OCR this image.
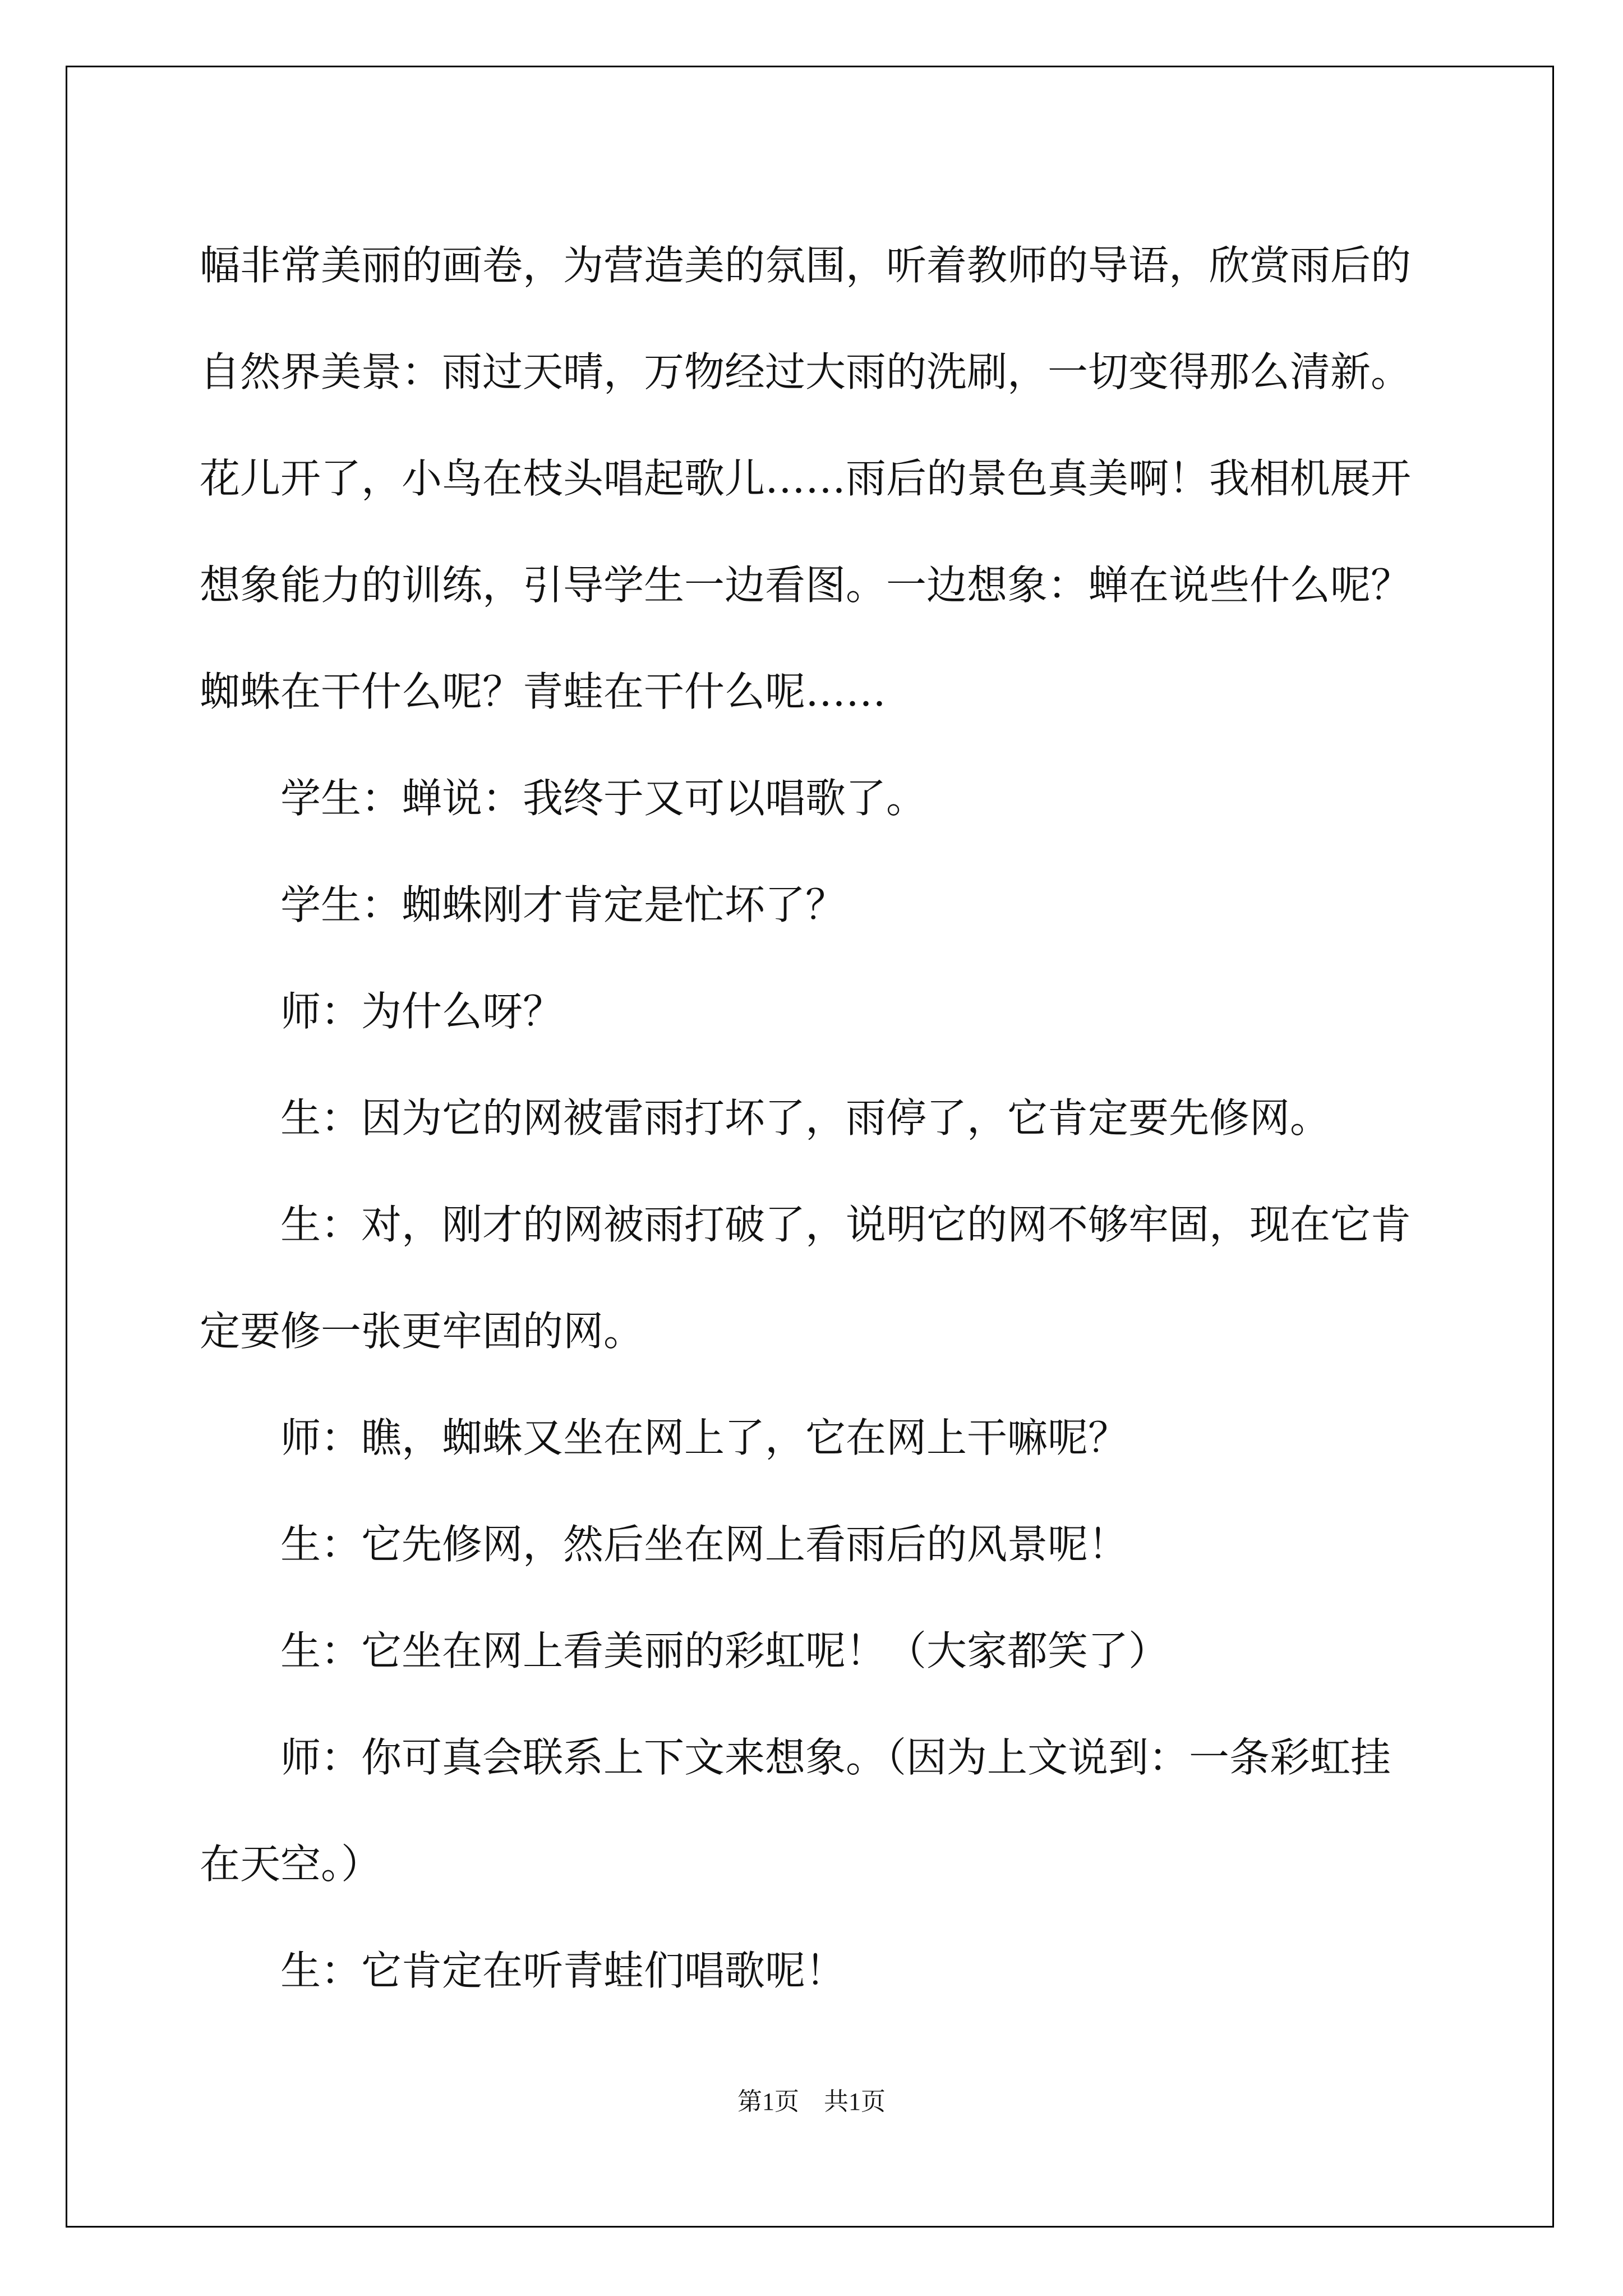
幅非常美丽的画卷，为营造美的氛围，听着教师的导语，欣赏雨后的自然界美景：雨过天晴，万物经过大雨的洗刷，一切变得那么清新。花儿开了，小鸟在枝头唱起歌儿……雨后的景色真美啊！我相机展开想象能力的训练，引导学生一边看图。一边想象：蝉在说些什么呢？蜘蛛在干什么呢？青蛙在干什么呢……

学生：蝉说：我终于又可以唱歌了。

学生：蜘蛛刚才肯定是忙坏了？

师：为什么呀？

生：因为它的网被雷雨打坏了，雨停了，它肯定要先修网。

生：对，刚才的网被雨打破了，说明它的网不够牢固，现在它肯定要修一张更牢固的网。

师：瞧，蜘蛛又坐在网上了，它在网上干嘛呢？

生：它先修网，然后坐在网上看雨后的风景呢！

生：它坐在网上看美丽的彩虹呢！（大家都笑了）

师：你可真会联系上下文来想象。（因为上文说到：一条彩虹挂在天空。）

生：它肯定在听青蛙们唱歌呢！

第1页　共1页
